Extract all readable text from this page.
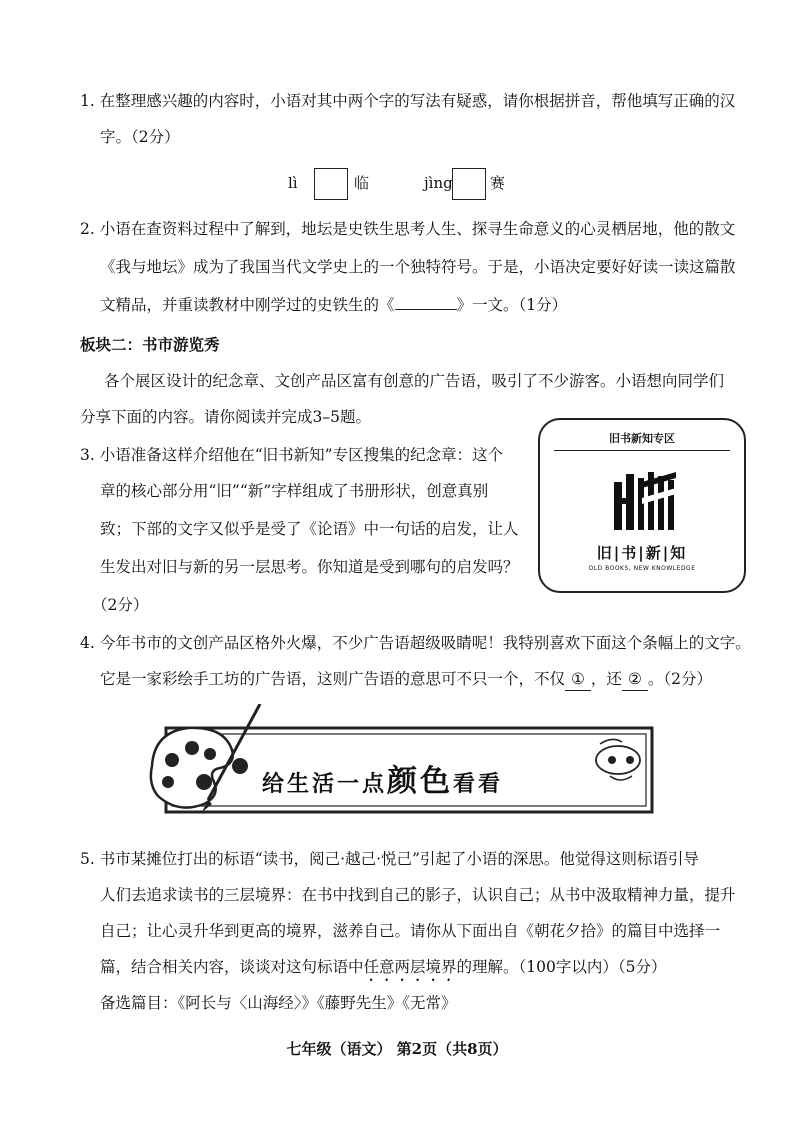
1. 在整理感兴趣的内容时，小语对其中两个字的写法有疑惑，请你根据拼音，帮他填写正确的汉
字。（2分）
lì	临	jìng 赛
2. 小语在查资料过程中了解到，地坛是史铁生思考人生、探寻生命意义的心灵栖居地，他的散文
《我与地坛》成为了我国当代文学史上的一个独特符号。于是，小语决定要好好读一读这篇散
文精品，并重读教材中刚学过的史铁生的《	》一文。（1分）
板块二：书市游览秀
各个展区设计的纪念章、文创产品区富有创意的广告语，吸引了不少游客。小语想向同学们
分享下面的内容。请你阅读并完成3–5题。
3. 小语准备这样介绍他在“旧书新知”专区搜集的纪念章：这个
章的核心部分用“旧”“新”字样组成了书册形状，创意真别
致；下部的文字又似乎是受了《论语》中一句话的启发，让人
生发出对旧与新的另一层思考。你知道是受到哪句的启发吗？
（2分）
旧书新知专区
旧|书|新|知
OLD BOOKS, NEW KNOWLEDGE
4. 今年书市的文创产品区格外火爆，不少广告语超级吸睛呢！我特别喜欢下面这个条幅上的文字。
它是一家彩绘手工坊的广告语，这则广告语的意思可不只一个，不仅 ① ，还 ② 。（2分）
给生活一点颜色看看
5. 书市某摊位打出的标语“读书，阅己·越己·悦己”引起了小语的深思。他觉得这则标语引导
人们去追求读书的三层境界：在书中找到自己的影子，认识自己；从书中汲取精神力量，提升
自己；让心灵升华到更高的境界，滋养自己。请你从下面出自《朝花夕拾》的篇目中选择一
篇，结合相关内容，谈谈对这句标语中任意两层境界的理解。（100字以内）（5分）
备选篇目：《阿长与〈山海经〉》《藤野先生》《无常》
七年级（语文） 第2页（共8页）
